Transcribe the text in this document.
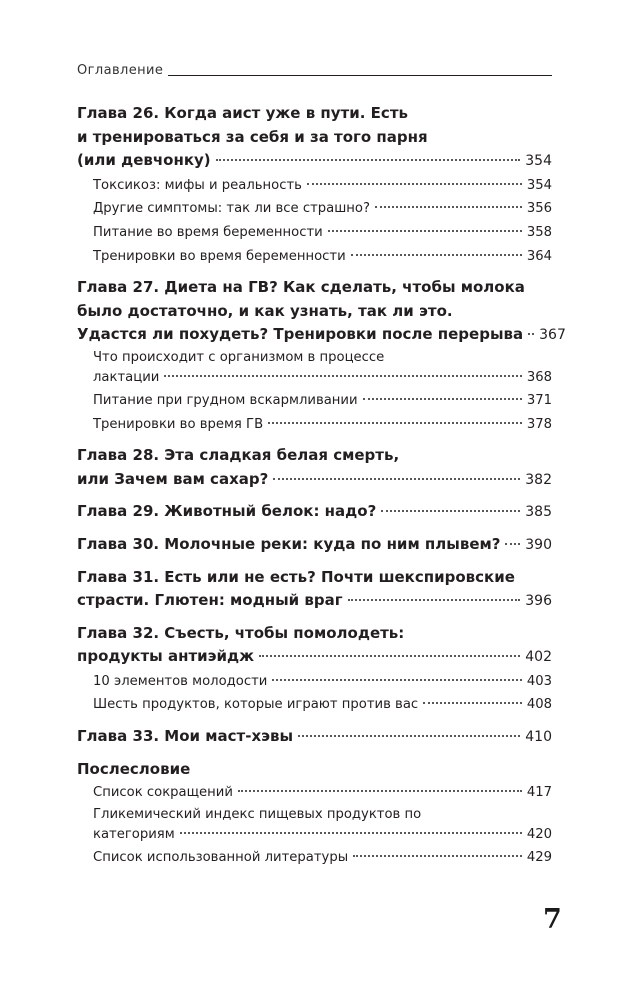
Оглавление
Глава 26. Когда аист уже в пути. Есть
и тренироваться за себя и за того парня
(или девчонку)	354
Токсикоз: мифы и реальность	354
Другие симптомы: так ли все страшно?	356
Питание во время беременности	358
Тренировки во время беременности	364
Глава 27. Диета на ГВ? Как сделать, чтобы молока
было достаточно, и как узнать, так ли это.
Удастся ли похудеть? Тренировки после перерыва 367
Что происходит с организмом в процессе
лактации	368
Питание при грудном вскармливании	371
Тренировки во время ГВ	378
Глава 28. Эта сладкая белая смерть,
или Зачем вам сахар?	382
Глава 29. Животный белок: надо?	385
Глава 30. Молочные реки: куда по ним плывем? 390
Глава 31. Есть или не есть? Почти шекспировские
страсти. Глютен: модный враг	396
Глава 32. Съесть, чтобы помолодеть:
продукты антиэйдж	402
10 элементов молодости	403
Шесть продуктов, которые играют против вас	408
Глава 33. Мои маст-хэвы	410
Послесловие
Список сокращений	417
Гликемический индекс пищевых продуктов по
категориям	420
Список использованной литературы	429
7
